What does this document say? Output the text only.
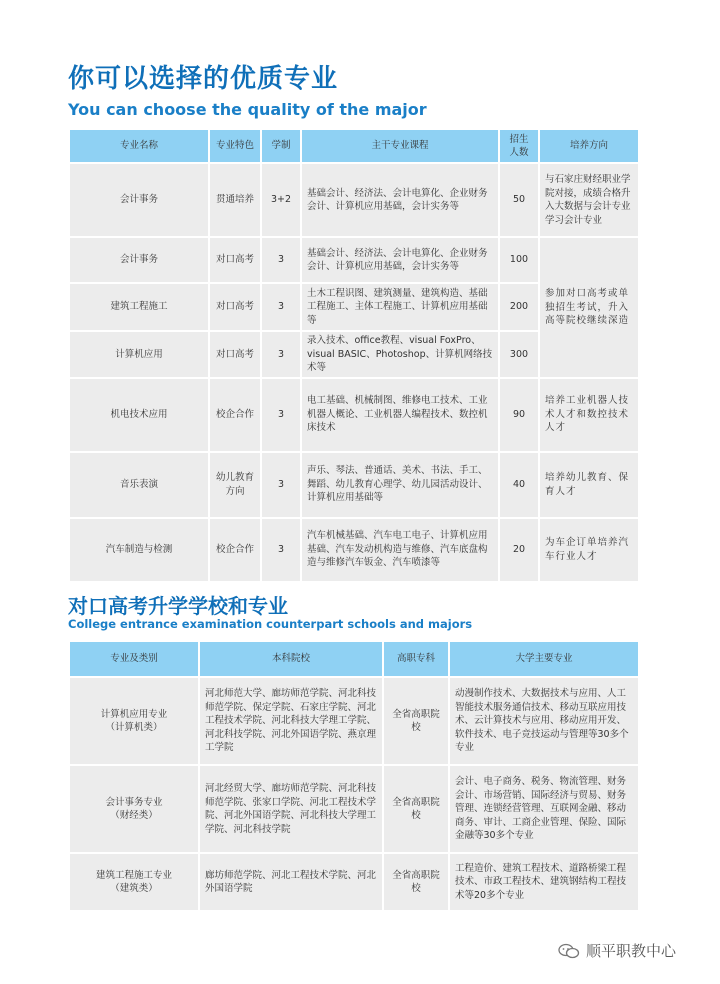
你可以选择的优质专业
You can choose the quality of the major
专业名称	专业特色	学制	主干专业课程	招生人数	培养方向
会计事务	贯通培养	3+2	基础会计、经济法、会计电算化、企业财务会计、计算机应用基础，会计实务等	50	与石家庄财经职业学院对接，成绩合格升入大数据与会计专业学习会计专业
会计事务	对口高考	3	基础会计、经济法、会计电算化、企业财务会计、计算机应用基础，会计实务等	100	参加对口高考或单独招生考试，升入高等院校继续深造
建筑工程施工	对口高考	3	土木工程识图、建筑测量、建筑构造、基础工程施工、主体工程施工、计算机应用基础等	200	
计算机应用	对口高考	3	录入技术、office教程、visual FoxPro、visual BASIC、Photoshop、计算机网络技术等	300	
机电技术应用	校企合作	3	电工基础、机械制图、维修电工技术、工业机器人概论、工业机器人编程技术、数控机床技术	90	培养工业机器人技术人才和数控技术人才
音乐表演	幼儿教育方向	3	声乐、琴法、普通话、美术、书法、手工、舞蹈、幼儿教育心理学、幼儿园活动设计、计算机应用基础等	40	培养幼儿教育、保育人才
汽车制造与检测	校企合作	3	汽车机械基础、汽车电工电子、计算机应用基础、汽车发动机构造与维修、汽车底盘构造与维修汽车钣金、汽车喷漆等	20	为车企订单培养汽车行业人才
对口高考升学学校和专业
College entrance examination counterpart schools and majors
专业及类别	本科院校	高职专科	大学主要专业

计算机应用专业
（计算机类）	河北师范大学、廊坊师范学院、河北科技师范学院、保定学院、石家庄学院、河北工程技术学院、河北科技大学理工学院、河北科技学院、河北外国语学院、燕京理工学院	全省高职院校	动漫制作技术、大数据技术与应用、人工智能技术服务通信技术、移动互联应用技术、云计算技术与应用、移动应用开发、软件技术、电子竞技运动与管理等30多个专业

会计事务专业
（财经类）	河北经贸大学、廊坊师范学院、河北科技师范学院、张家口学院、河北工程技术学院、河北外国语学院、河北科技大学理工学院、河北科技学院	全省高职院校	会计、电子商务、税务、物流管理、财务会计、市场营销、国际经济与贸易、财务管理、连锁经营管理、互联网金融、移动商务、审计、工商企业管理、保险、国际金融等30多个专业

建筑工程施工专业
（建筑类）	廊坊师范学院、河北工程技术学院、河北外国语学院	全省高职院校	工程造价、建筑工程技术、道路桥梁工程技术、市政工程技术、建筑钢结构工程技术等20多个专业
顺平职教中心
